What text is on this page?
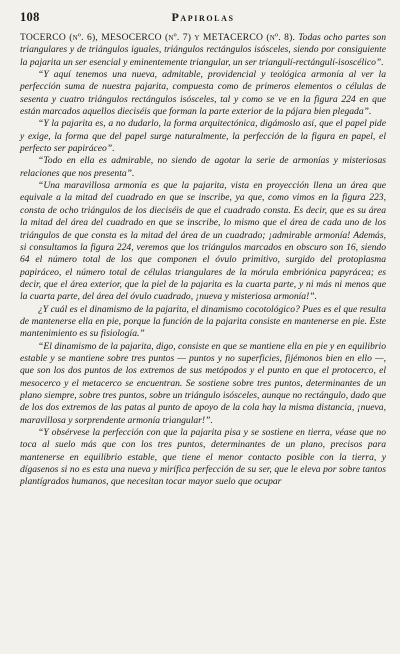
108	Papirolas

TOCERCO (nº. 6), MESOCERCO (nº. 7) y METACERCO (nº. 8). Todas ocho partes son triangulares y de triángulos iguales, triángulos rectángulos isósceles, siendo por consiguiente la pajarita un ser esencial y eminentemente triangular, un ser triangulí-rectángulí-isoscélico”.

“Y aquí tenemos una nueva, admitable, providencial y teológica armonía al ver la perfección suma de nuestra pajarita, compuesta como de primeros elementos o células de sesenta y cuatro triángulos rectángulos isósceles, tal y como se ve en la figura 224 en que están marcados aquellos dieciséis que forman la parte exterior de la pájara bien plegada”.

“Y la pajarita es, a no dudarlo, la forma arquitectónica, digámoslo así, que el papel pide y exige, la forma que del papel surge naturalmente, la perfección de la figura en papel, el perfecto ser papiráceo”.

“Todo en ella es admirable, no siendo de agotar la serie de armonías y misteriosas relaciones que nos presenta”.

“Una maravillosa armonía es que la pajarita, vista en proyección llena un área que equivale a la mitad del cuadrado en que se inscribe, ya que, como vimos en la figura 223, consta de ocho triángulos de los dieciséis de que el cuadrado consta. Es decir, que es su área la mitad del área del cuadrado en que se inscribe, lo mismo que el área de cada uno de los triángulos de que consta es la mitad del área de un cuadrado; ¡admirable armonía! Además, si consultamos la figura 224, veremos que los triángulos marcados en obscuro son 16, siendo 64 el número total de los que componen el óvulo primitivo, surgido del protoplasma papiráceo, el número total de células triangulares de la mórula embriónica papyrácea; es decir, que el área exterior, que la piel de la pajarita es la cuarta parte, y ni más ni menos que la cuarta parte, del área del óvulo cuadrado, ¡nueva y misteriosa armonía!”.

¿Y cuál es el dinamismo de la pajarita, el dinamismo cocotológico? Pues es el que resulta de mantenerse ella en pie, porque la función de la pajarita consiste en mantenerse en pie. Este mantenimiento es su fisiología.”

“El dinamismo de la pajarita, digo, consiste en que se mantiene ella en pie y en equilibrio estable y se mantiene sobre tres puntos — puntos y no superficies, fijémonos bien en ello —, que son los dos puntos de los extremos de sus metópodos y el punto en que el protocerco, el mesocerco y el metacerco se encuentran. Se sostiene sobre tres puntos, determinantes de un plano siempre, sobre tres puntos, sobre un triángulo isósceles, aunque no rectángulo, dado que de los dos extremos de las patas al punto de apoyo de la cola hay la misma distancia, ¡nueva, maravillosa y sorprendente armonía triangular!”.

“Y obsérvese la perfección con que la pajarita pisa y se sostiene en tierra, véase que no toca al suelo más que con los tres puntos, determinantes de un plano, precisos para mantenerse en equilibrio estable, que tiene el menor contacto posible con la tierra, y dígasenos si no es esta una nueva y mirífica perfección de su ser, que le eleva por sobre tantos plantígrados humanos, que necesitan tocar mayor suelo que ocupar
